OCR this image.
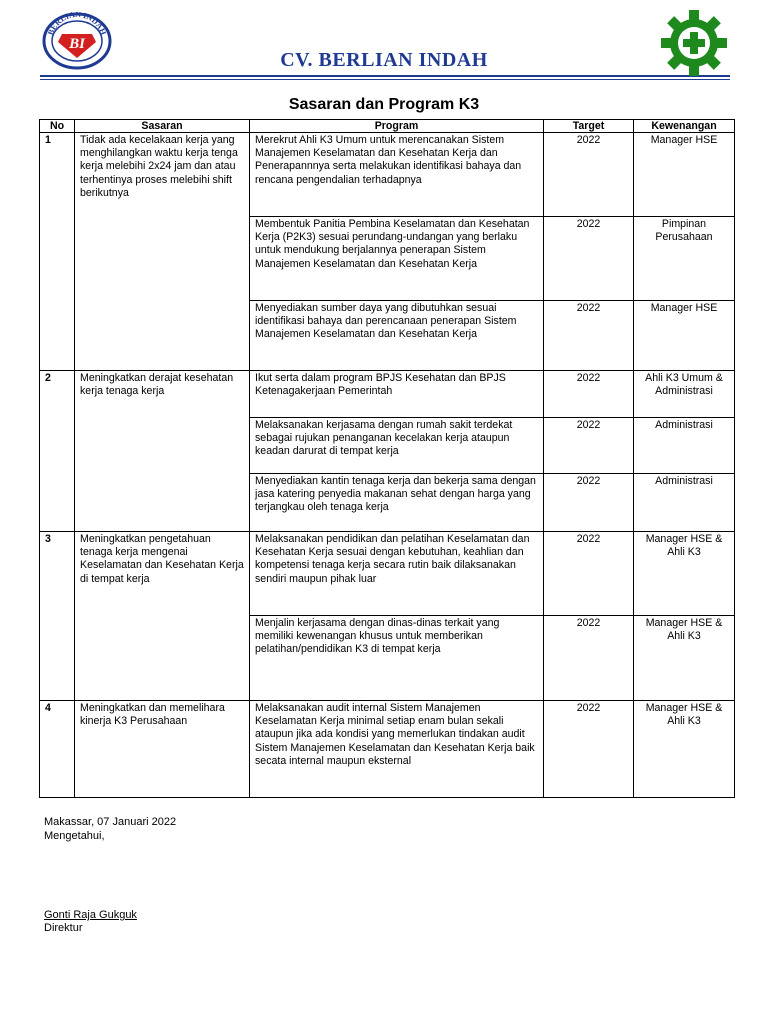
BERLIAN INDAH
BI
CV. BERLIAN INDAH
Sasaran dan Program K3
No	Sasaran	Program	Target	Kewenangan
1	Tidak ada kecelakaan kerja yang menghilangkan waktu kerja tenga kerja melebihi 2x24 jam dan atau terhentinya proses melebihi shift berikutnya	Merekrut Ahli K3 Umum untuk merencanakan Sistem Manajemen Keselamatan dan Kesehatan Kerja dan Penerapannnya serta melakukan identifikasi bahaya dan rencana pengendalian terhadapnya	2022	Manager HSE
		Membentuk Panitia Pembina Keselamatan dan Kesehatan Kerja (P2K3) sesuai perundang-undangan yang berlaku untuk mendukung berjalannya penerapan Sistem Manajemen Keselamatan dan Kesehatan Kerja	2022	Pimpinan Perusahaan
		Menyediakan sumber daya yang dibutuhkan sesuai identifikasi bahaya dan perencanaan penerapan Sistem Manajemen Keselamatan dan Kesehatan Kerja	2022	Manager HSE
2	Meningkatkan derajat kesehatan kerja tenaga kerja	Ikut serta dalam program BPJS Kesehatan dan BPJS Ketenagakerjaan Pemerintah	2022	Ahli K3 Umum & Administrasi
		Melaksanakan kerjasama dengan rumah sakit terdekat sebagai rujukan penanganan kecelakan kerja ataupun keadan darurat di tempat kerja	2022	Administrasi
		Menyediakan kantin tenaga kerja dan bekerja sama dengan jasa katering penyedia makanan sehat dengan harga yang terjangkau oleh tenaga kerja	2022	Administrasi
3	Meningkatkan pengetahuan tenaga kerja mengenai Keselamatan dan Kesehatan Kerja di tempat kerja	Melaksanakan pendidikan dan pelatihan Keselamatan dan Kesehatan Kerja sesuai dengan kebutuhan, keahlian dan kompetensi tenaga kerja secara rutin baik dilaksanakan sendiri maupun pihak luar	2022	Manager HSE & Ahli K3
		Menjalin kerjasama dengan dinas-dinas terkait yang memiliki kewenangan khusus untuk memberikan pelatihan/pendidikan K3 di tempat kerja	2022	Manager HSE & Ahli K3
4	Meningkatkan dan memelihara kinerja K3 Perusahaan	Melaksanakan audit internal Sistem Manajemen Keselamatan Kerja minimal setiap enam bulan sekali ataupun jika ada kondisi yang memerlukan tindakan audit Sistem Manajemen Keselamatan dan Kesehatan Kerja baik secata internal maupun eksternal	2022	Manager HSE & Ahli K3
Makassar, 07 Januari 2022
Mengetahui,
Gonti Raja Gukguk
Direktur
